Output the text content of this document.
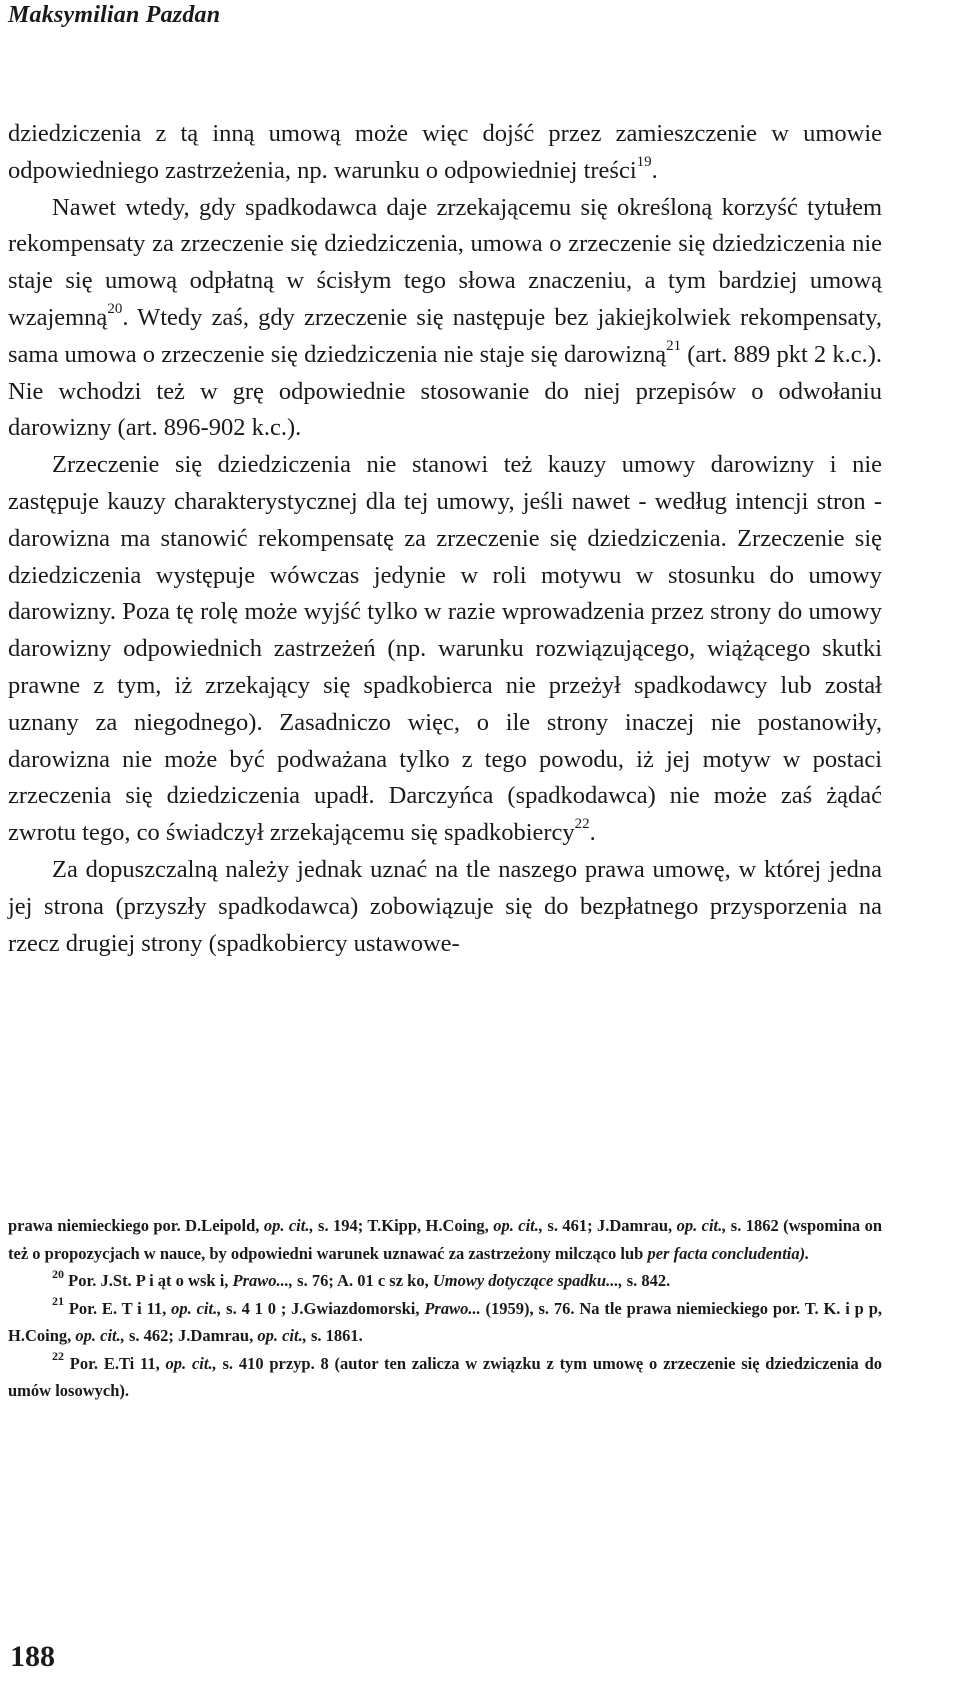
Maksymilian Pazdan

dziedziczenia z tą inną umową może więc dojść przez zamieszczenie w umowie odpowiedniego zastrzeżenia, np. warunku o odpowiedniej treści$^{19}$.

Nawet wtedy, gdy spadkodawca daje zrzekającemu się określoną korzyść tytułem rekompensaty za zrzeczenie się dziedziczenia, umowa o zrzeczenie się dziedziczenia nie staje się umową odpłatną w ścisłym tego słowa znaczeniu, a tym bardziej umową wzajemną$^{20}$. Wtedy zaś, gdy zrzeczenie się następuje bez jakiejkolwiek rekompensaty, sama umowa o zrzeczenie się dziedziczenia nie staje się darowizną$^{21}$ (art. 889 pkt 2 k.c.). Nie wchodzi też w grę odpowiednie stosowanie do niej przepisów o odwołaniu darowizny (art. 896-902 k.c.).

Zrzeczenie się dziedziczenia nie stanowi też kauzy umowy darowizny i nie zastępuje kauzy charakterystycznej dla tej umowy, jeśli nawet - według intencji stron - darowizna ma stanowić rekompensatę za zrzeczenie się dziedziczenia. Zrzeczenie się dziedziczenia występuje wówczas jedynie w roli motywu w stosunku do umowy darowizny. Poza tę rolę może wyjść tylko w razie wprowadzenia przez strony do umowy darowizny odpowiednich zastrzeżeń (np. warunku rozwiązującego, wiążącego skutki prawne z tym, iż zrzekający się spadkobierca nie przeżył spadkodawcy lub został uznany za niegodnego). Zasadniczo więc, o ile strony inaczej nie postanowiły, darowizna nie może być podważana tylko z tego powodu, iż jej motyw w postaci zrzeczenia się dziedziczenia upadł. Darczyńca (spadkodawca) nie może zaś żądać zwrotu tego, co świadczył zrzekającemu się spadkobiercy$^{22}$.

Za dopuszczalną należy jednak uznać na tle naszego prawa umowę, w której jedna jej strona (przyszły spadkodawca) zobowiązuje się do bezpłatnego przysporzenia na rzecz drugiej strony (spadkobiercy ustawowe-

prawa niemieckiego por. D.Leipold, op. cit., s. 194; T.Kipp, H.Coing, op. cit., s. 461; J.Damrau, op. cit., s. 1862 (wspomina on też o propozycjach w nauce, by odpowiedni warunek uznawać za zastrzeżony milcząco lub per facta concludentia).

$^{20}$ Por. J.St. P i ąt o wsk i, Prawo..., s. 76; A. 01 c sz ko, Umowy dotyczące spadku..., s. 842.

$^{21}$ Por. E. T i 11, op. cit., s. 4 1 0 ; J.Gwiazdomorski, Prawo... (1959), s. 76. Na tle prawa niemieckiego por. T. K. i p p, H.Coing, op. cit., s. 462; J.Damrau, op. cit., s. 1861.

$^{22}$ Por. E.Ti 11, op. cit., s. 410 przyp. 8 (autor ten zalicza w związku z tym umowę o zrzeczenie się dziedziczenia do umów losowych).

188
